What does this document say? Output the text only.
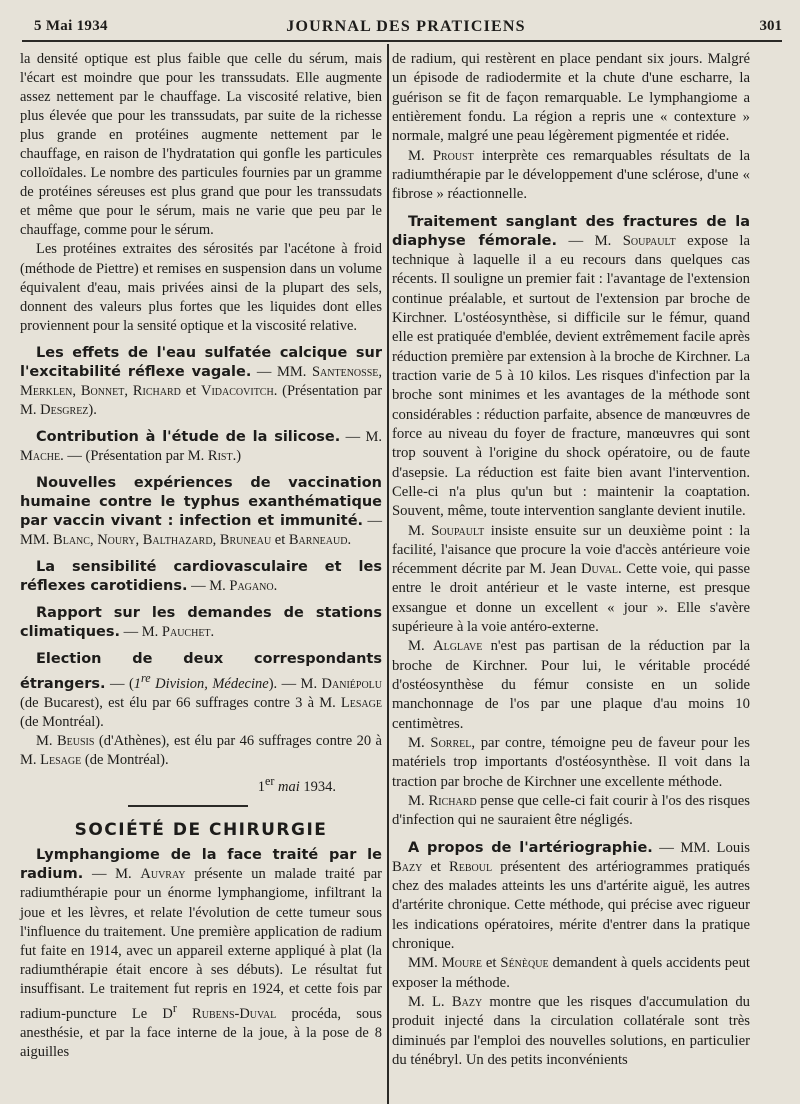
5 Mai 1934	JOURNAL DES PRATICIENS	301

la densité optique est plus faible que celle du sérum, mais l'écart est moindre que pour les transsudats. Elle augmente assez nettement par le chauffage. La viscosité relative, bien plus élevée que pour les transsudats, par suite de la richesse plus grande en protéines augmente nettement par le chauffage, en raison de l'hydratation qui gonfle les particules colloïdales. Le nombre des particules fournies par un gramme de protéines séreuses est plus grand que pour les transsudats et même que pour le sérum, mais ne varie que peu par le chauffage, comme pour le sérum.

Les protéines extraites des sérosités par l'acétone à froid (méthode de Piettre) et remises en suspension dans un volume équivalent d'eau, mais privées ainsi de la plupart des sels, donnent des valeurs plus fortes que les liquides dont elles proviennent pour la sensité optique et la viscosité relative.

Les effets de l'eau sulfatée calcique sur l'excitabilité réflexe vagale. — MM. Santenosse, Merklen, Bonnet, Richard et Vidacovitch. (Présentation par M. Desgrez).

Contribution à l'étude de la silicose. — M. Mache. — (Présentation par M. Rist.)

Nouvelles expériences de vaccination humaine contre le typhus exanthématique par vaccin vivant : infection et immunité. — MM. Blanc, Noury, Balthazard, Bruneau et Barneaud.

La sensibilité cardiovasculaire et les réflexes carotidiens. — M. Pagano.

Rapport sur les demandes de stations climatiques. — M. Pauchet.

Election de deux correspondants étrangers. — (1re Division, Médecine). — M. Daniépolu (de Bucarest), est élu par 66 suffrages contre 3 à M. Lesage (de Montréal).

M. Beusis (d'Athènes), est élu par 46 suffrages contre 20 à M. Lesage (de Montréal).

1er mai 1934.

SOCIÉTÉ DE CHIRURGIE

Lymphangiome de la face traité par le radium. — M. Auvray présente un malade traité par radiumthérapie pour un énorme lymphangiome, infiltrant la joue et les lèvres, et relate l'évolution de cette tumeur sous l'influence du traitement. Une première application de radium fut faite en 1914, avec un appareil externe appliqué à plat (la radiumthérapie était encore à ses débuts). Le résultat fut insuffisant. Le traitement fut repris en 1924, et cette fois par radium-puncture Le $D^r$ Rubens-Duval procéda, sous anesthésie, et par la face interne de la joue, à la pose de 8 aiguilles

de radium, qui restèrent en place pendant six jours. Malgré un épisode de radiodermite et la chute d'une escharre, la guérison se fit de façon remarquable. Le lymphangiome a entièrement fondu. La région a repris une « contexture » normale, malgré une peau légèrement pigmentée et ridée.

M. Proust interprète ces remarquables résultats de la radiumthérapie par le développement d'une sclérose, d'une « fibrose » réactionnelle.

Traitement sanglant des fractures de la diaphyse fémorale. — M. Soupault expose la technique à laquelle il a eu recours dans quelques cas récents. Il souligne un premier fait : l'avantage de l'extension continue préalable, et surtout de l'extension par broche de Kirchner. L'ostéosynthèse, si difficile sur le fémur, quand elle est pratiquée d'emblée, devient extrêmement facile après réduction première par extension à la broche de Kirchner. La traction varie de 5 à 10 kilos. Les risques d'infection par la broche sont minimes et les avantages de la méthode sont considérables : réduction parfaite, absence de manœuvres de force au niveau du foyer de fracture, manœuvres qui sont trop souvent à l'origine du shock opératoire, ou de faute d'asepsie. La réduction est faite bien avant l'intervention. Celle-ci n'a plus qu'un but : maintenir la coaptation. Souvent, même, toute intervention sanglante devient inutile.

M. Soupault insiste ensuite sur un deuxième point : la facilité, l'aisance que procure la voie d'accès antérieure voie récemment décrite par M. Jean Duval. Cette voie, qui passe entre le droit antérieur et le vaste interne, est presque exsangue et donne un excellent « jour ». Elle s'avère supérieure à la voie antéro-externe.

M. Alglave n'est pas partisan de la réduction par la broche de Kirchner. Pour lui, le véritable procédé d'ostéosynthèse du fémur consiste en un solide manchonnage de l'os par une plaque d'au moins 10 centimètres.

M. Sorrel, par contre, témoigne peu de faveur pour les matériels trop importants d'ostéosynthèse. Il voit dans la traction par broche de Kirchner une excellente méthode.

M. Richard pense que celle-ci fait courir à l'os des risques d'infection qui ne sauraient être négligés.

A propos de l'artériographie. — MM. Louis Bazy et Reboul présentent des artériogrammes pratiqués chez des malades atteints les uns d'artérite aiguë, les autres d'artérite chronique. Cette méthode, qui précise avec rigueur les indications opératoires, mérite d'entrer dans la pratique chronique.

MM. Moure et Sénèque demandent à quels accidents peut exposer la méthode.

M. L. Bazy montre que les risques d'accumulation du produit injecté dans la circulation collatérale sont très diminués par l'emploi des nouvelles solutions, en particulier du ténébryl. Un des petits inconvénients
